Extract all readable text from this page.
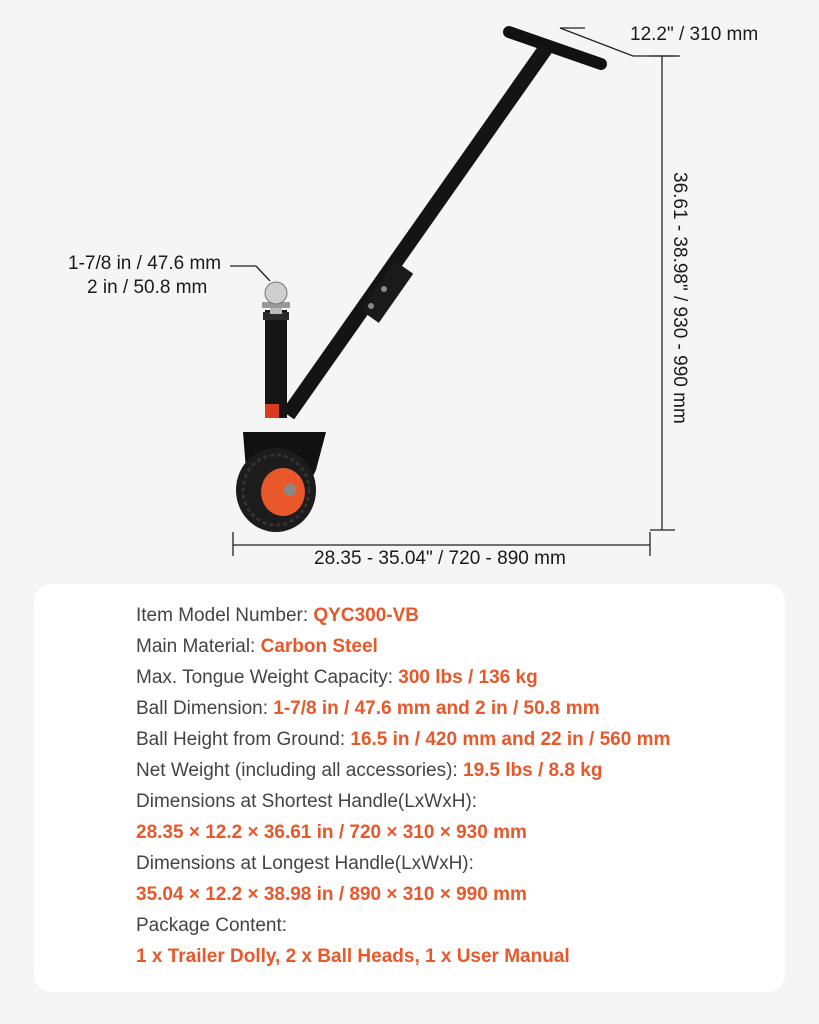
12.2" / 310 mm
36.61 - 38.98" / 930 - 990 mm
1-7/8 in / 47.6 mm
2 in / 50.8 mm
28.35 - 35.04" / 720 - 890 mm
Item Model Number: QYC300-VB
Main Material: Carbon Steel
Max. Tongue Weight Capacity: 300 lbs / 136 kg
Ball Dimension: 1-7/8 in / 47.6 mm and 2 in / 50.8 mm
Ball Height from Ground: 16.5 in / 420 mm and 22 in / 560 mm
Net Weight (including all accessories): 19.5 lbs / 8.8 kg
Dimensions at Shortest Handle(LxWxH):
28.35 × 12.2 × 36.61 in / 720 × 310 × 930 mm
Dimensions at Longest Handle(LxWxH):
35.04 × 12.2 × 38.98 in / 890 × 310 × 990 mm
Package Content:
1 x Trailer Dolly, 2 x Ball Heads, 1 x User Manual
